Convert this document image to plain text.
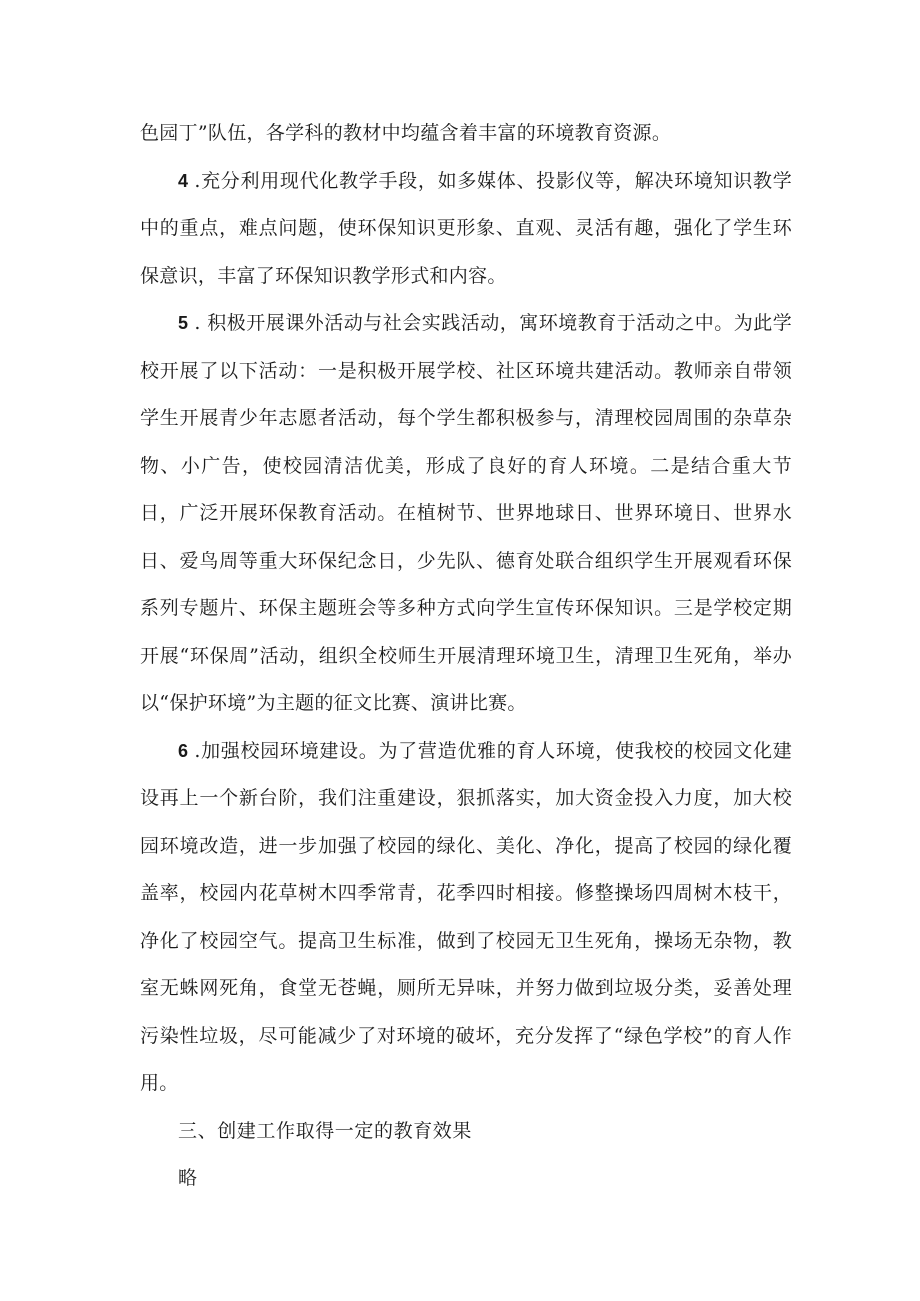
色园丁”队伍，各学科的教材中均蕴含着丰富的环境教育资源。

4 .充分利用现代化教学手段，如多媒体、投影仪等，解决环境知识教学中的重点，难点问题，使环保知识更形象、直观、灵活有趣，强化了学生环保意识，丰富了环保知识教学形式和内容。

5 . 积极开展课外活动与社会实践活动，寓环境教育于活动之中。为此学校开展了以下活动：一是积极开展学校、社区环境共建活动。教师亲自带领学生开展青少年志愿者活动，每个学生都积极参与，清理校园周围的杂草杂物、小广告，使校园清洁优美，形成了良好的育人环境。二是结合重大节日，广泛开展环保教育活动。在植树节、世界地球日、世界环境日、世界水日、爱鸟周等重大环保纪念日，少先队、德育处联合组织学生开展观看环保系列专题片、环保主题班会等多种方式向学生宣传环保知识。三是学校定期开展“环保周”活动，组织全校师生开展清理环境卫生，清理卫生死角，举办以“保护环境”为主题的征文比赛、演讲比赛。

6 .加强校园环境建设。为了营造优雅的育人环境，使我校的校园文化建设再上一个新台阶，我们注重建设，狠抓落实，加大资金投入力度，加大校园环境改造，进一步加强了校园的绿化、美化、净化，提高了校园的绿化覆盖率，校园内花草树木四季常青，花季四时相接。修整操场四周树木枝干，净化了校园空气。提高卫生标准，做到了校园无卫生死角，操场无杂物，教室无蛛网死角，食堂无苍蝇，厕所无异味，并努力做到垃圾分类，妥善处理污染性垃圾，尽可能减少了对环境的破坏，充分发挥了“绿色学校”的育人作用。

三、创建工作取得一定的教育效果

略
